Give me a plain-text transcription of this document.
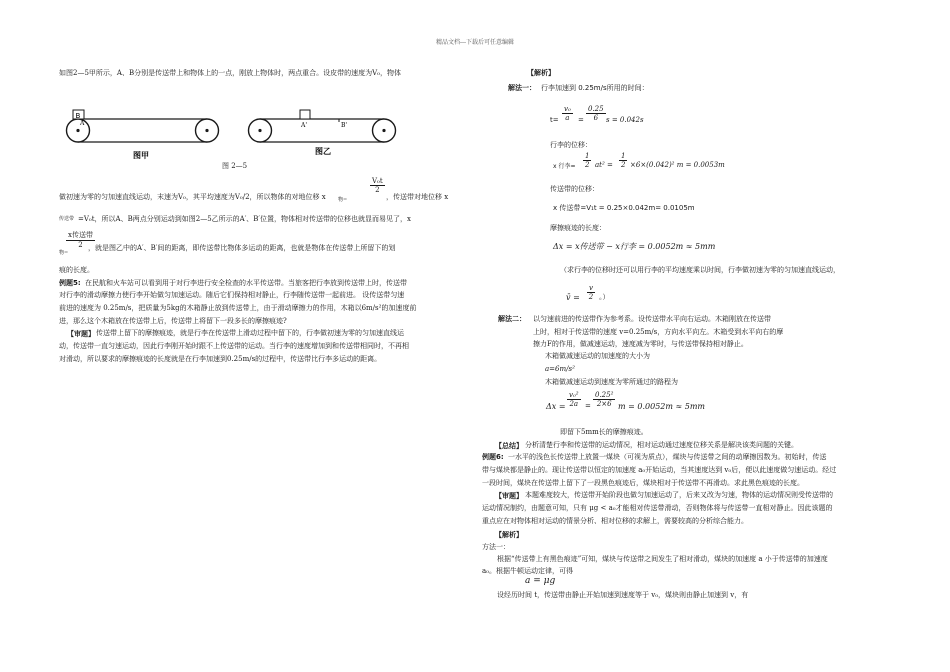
精品文档---下载后可任意编辑
如图2—5甲所示，A、B分别是传送带上和物体上的一点，刚放上物体时，两点重合。设皮带的速度为V₀，物体
B
A	A'	B'
图甲	图乙
图 2—5
做初速为零的匀加速直线运动，末速为V₀，其平均速度为V₀/2，所以物体的对地位移 x 物=
V₀t
2
，传送带对地位移 x
传送带 =V₀t，所以A、B两点分别运动到如图2—5乙所示的A′、B′位置，物体相对传送带的位移也就显而易见了，x
物=
x传送带
2 ，就是图乙中的A′、B′间的距离，即传送带比物体多运动的距离，也就是物体在传送带上所留下的划
痕的长度。
例题5: 在民航和火车站可以看到用于对行李进行安全检查的水平传送带。当旅客把行李放到传送带上时，传送带
对行李的滑动摩擦力使行李开始做匀加速运动。随后它们保持相对静止，行李随传送带一起前进。 设传送带匀速
前进的速度为 0.25m/s，把质量为5kg的木箱静止放到传送带上，由于滑动摩擦力的作用，木箱以6m/s²的加速度前
进，那么这个木箱放在传送带上后，传送带上将留下一段多长的摩擦痕迹?
【审题】 传送带上留下的摩擦痕迹，就是行李在传送带上滑动过程中留下的，行李做初速为零的匀加速直线运
动，传送带一直匀速运动，因此行李刚开始时跟不上传送带的运动。当行李的速度增加到和传送带相同时，不再相
对滑动，所以要求的摩擦痕迹的长度就是在行李加速到0.25m/s的过程中，传送带比行李多运动的距离。
【解析】
解法一： 行李加速到 0.25m/s所用的时间：
t=
v₀
a	=
0.25
6	s = 0.042s
行李的位移：
x 行李=
1
2 at² =
1
2 ×6×(0.042)² m = 0.0053m
传送带的位移：
x 传送带=V₁t = 0.25×0.042m= 0.0105m
摩擦痕迹的长度：
Δx = x传送带 − x行李 = 0.0052m ≈ 5mm
（求行李的位移时还可以用行李的平均速度乘以时间，行李做初速为零的匀加速直线运动，
v̄ =
v
2 。）
解法二： 以匀速前进的传送带作为参考系。设传送带水平向右运动。木箱刚放在传送带
上时，相对于传送带的速度 v=0.25m/s，方向水平向左。木箱受到水平向右的摩
擦力F的作用，做减速运动，速度减为零时，与传送带保持相对静止。
木箱做减速运动的加速度的大小为
a=6m/s²
木箱做减速运动到速度为零所通过的路程为
Δx =
v₀²
2a =
0.25²
2×6 m = 0.0052m ≈ 5mm
即留下5mm长的摩擦痕迹。
【总结】 分析清楚行李和传送带的运动情况，相对运动通过速度位移关系是解决该类问题的关键。
例题6: 一水平的浅色长传送带上放置一煤块（可视为质点），煤块与传送带之间的动摩擦因数为。初始时，传送
带与煤块都是静止的。现让传送带以恒定的加速度 a₀开始运动，当其速度达到 v₀后，便以此速度做匀速运动。经过
一段时间，煤块在传送带上留下了一段黑色痕迹后，煤块相对于传送带不再滑动。求此黑色痕迹的长度。
【审题】 本题难度较大，传送带开始阶段也做匀加速运动了，后来又改为匀速，物体的运动情况则受传送带的
运动情况制约，由题意可知，只有 μg < a₀才能相对传送带滑动，否则物体将与传送带一直相对静止。因此该题的
重点应在对物体相对运动的情景分析、相对位移的求解上，需要较高的分析综合能力。
【解析】
方法一：
根据“传送带上有黑色痕迹”可知，煤块与传送带之间发生了相对滑动，煤块的加速度 a 小于传送带的加速度
a₀。根据牛顿运动定律，可得
a = μg
设经历时间 t，传送带由静止开始加速到速度等于 v₀，煤块则由静止加速到 v，有
